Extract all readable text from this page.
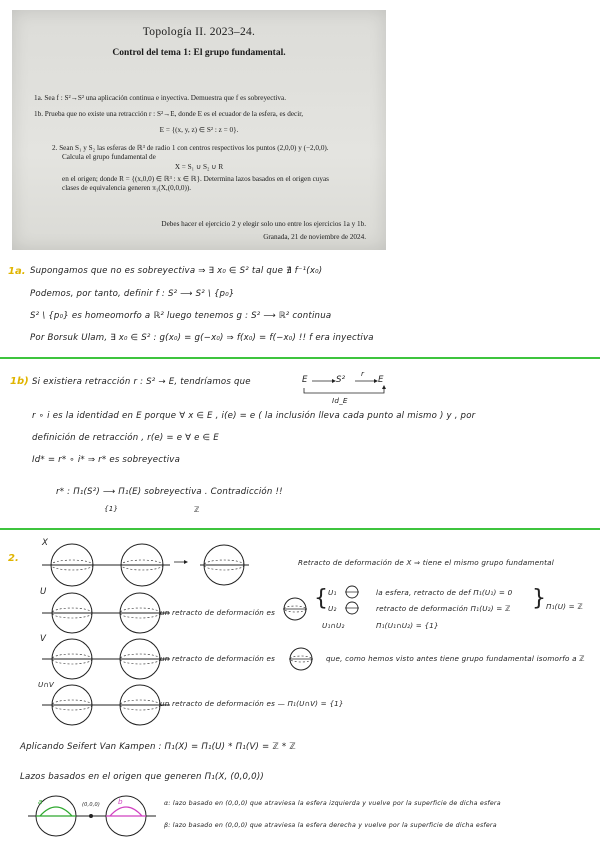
Topología II. 2023–24.
Control del tema 1: El grupo fundamental.
1a. Sea f : S²→S² una aplicación continua e inyectiva. Demuestra que f es sobreyectiva.
1b. Prueba que no existe una retracción r : S²→E, donde E es el ecuador de la esfera, es decir,
E = {(x, y, z) ∈ S² : z = 0}.
2. Sean S₁ y S₂ las esferas de ℝ³ de radio 1 con centros respectivos los puntos (2,0,0) y (−2,0,0).
Calcula el grupo fundamental de
X = S₁ ∪ S₂ ∪ R
en el origen; donde R = {(x,0,0) ∈ ℝ³ : x ∈ ℝ}. Determina lazos basados en el origen cuyas
clases de equivalencia generen π₁(X,(0,0,0)).
Debes hacer el ejercicio 2 y elegir solo uno entre los ejercicios 1a y 1b.
Granada, 21 de noviembre de 2024.
1a. Supongamos que no es sobreyectiva ⇒ ∃ x₀ ∈ S² tal que ∄ f⁻¹(x₀)
Podemos, por tanto, definir f : S² ⟶ S² \ {p₀}
S² \ {p₀} es homeomorfo a ℝ² luego tenemos g : S² ⟶ ℝ² continua
Por Borsuk Ulam, ∃ x₀ ∈ S² : g(x₀) = g(−x₀) ⇒ f(x₀) = f(−x₀) !! f era inyectiva
1b) Si existiera retracción r : S² → E, tendríamos que	E	S²
r
E
Id_E
r ∘ i es la identidad en E porque ∀ x ∈ E , i(e) = e ( la inclusión lleva cada punto al mismo ) y , por
definición de retracción , r(e) = e ∀ e ∈ E
Id* = r* ∘ i* ⇒ r* es sobreyectiva
r* : Π₁(S²) ⟶ Π₁(E) sobreyectiva . Contradicción !!
{1}	ℤ
2.
X
Retracto de deformación de X ⇒ tiene el mismo grupo fundamental
U
un retracto de deformación es
{ U₁	la esfera, retracto de def Π₁(U₁) = 0
U₂	retracto de deformación Π₁(U₂) = ℤ
U₁∩U₂	Π₁(U₁∩U₂) = {1}
} Π₁(U) = ℤ
V
un retracto de deformación es	que, como hemos visto antes tiene grupo fundamental isomorfo a ℤ
U∩V
un retracto de deformación es — Π₁(U∩V) = {1}
Aplicando Seifert Van Kampen : Π₁(X) = Π₁(U) * Π₁(V) = ℤ * ℤ
Lazos basados en el origen que generen Π₁(X, (0,0,0))
a	b
(0,0,0)	α: lazo basado en (0,0,0) que atraviesa la esfera izquierda y vuelve por la superficie de dicha esfera
β: lazo basado en (0,0,0) que atraviesa la esfera derecha y vuelve por la superficie de dicha esfera
